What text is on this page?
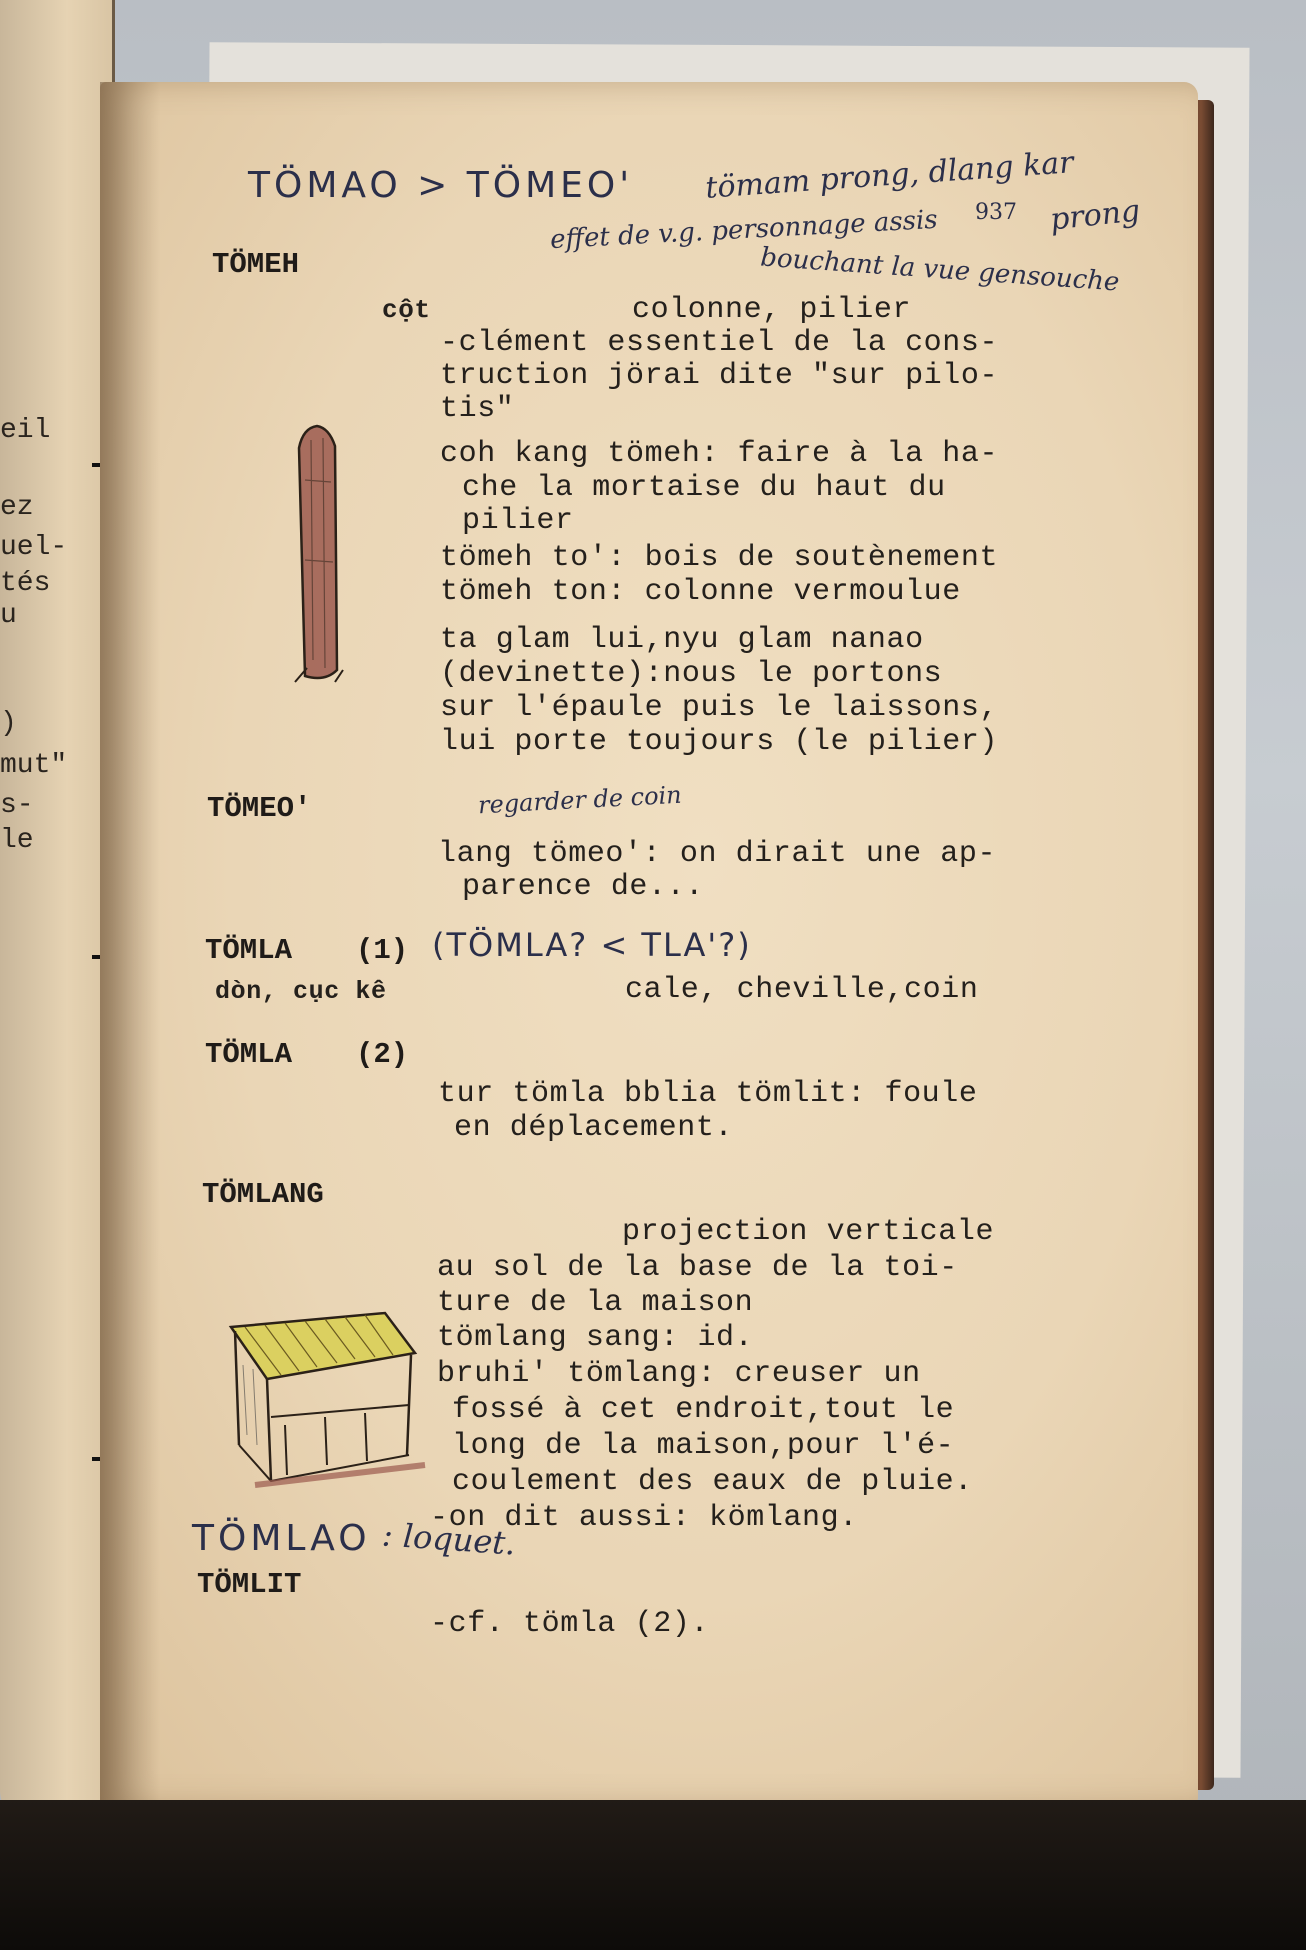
eil
ez
uel-
tés
u
)
mut"
s-
le
TÖMAO > TÖMEO' tömam prong, dlang kar
937 prong
effet de v.g. personnage assis
bouchant la vue gensouche
TÖMEH
cột	colonne, pilier
-clément essentiel de la cons-
truction jörai dite "sur pilo-
tis"
coh kang tömeh: faire à la ha-
che la mortaise du haut du
pilier
tömeh to': bois de soutènement
tömeh ton: colonne vermoulue
ta glam lui,nyu glam nanao
(devinette):nous le portons
sur l'épaule puis le laissons,
lui porte toujours (le pilier)
TÖMEO'	regarder de coin
lang tömeo': on dirait une ap-
parence de...
TÖMLA (1) (TÖMLA? < TLA'?)
dòn, cục kê	cale, cheville,coin
TÖMLA (2)
tur tömla bblia tömlit: foule
en déplacement.
TÖMLANG
projection verticale
au sol de la base de la toi-
ture de la maison
tömlang sang: id.
bruhi' tömlang: creuser un
fossé à cet endroit,tout le
long de la maison,pour l'é-
coulement des eaux de pluie.
-on dit aussi: kömlang.
TÖMLAO : loquet.
TÖMLIT
-cf. tömla (2).
